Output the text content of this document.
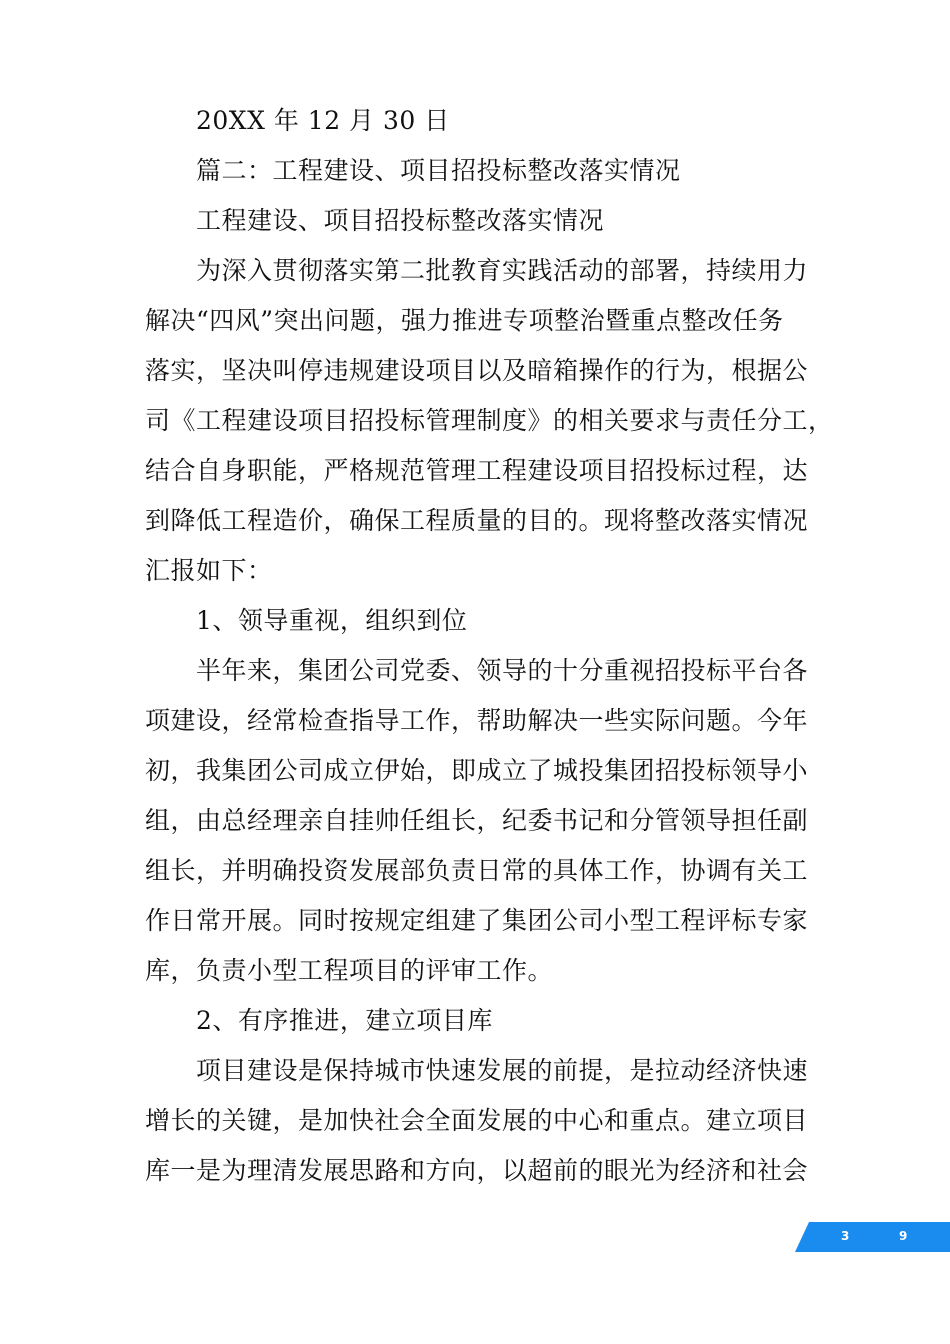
20XX 年 12 月 30 日
篇二：工程建设、项目招投标整改落实情况
工程建设、项目招投标整改落实情况
为深入贯彻落实第二批教育实践活动的部署，持续用力
解决“四风”突出问题，强力推进专项整治暨重点整改任务
落实，坚决叫停违规建设项目以及暗箱操作的行为，根据公
司《工程建设项目招投标管理制度》的相关要求与责任分工，
结合自身职能，严格规范管理工程建设项目招投标过程，达
到降低工程造价，确保工程质量的目的。现将整改落实情况
汇报如下：
1、领导重视，组织到位
半年来，集团公司党委、领导的十分重视招投标平台各
项建设，经常检查指导工作，帮助解决一些实际问题。今年
初，我集团公司成立伊始，即成立了城投集团招投标领导小
组，由总经理亲自挂帅任组长，纪委书记和分管领导担任副
组长，并明确投资发展部负责日常的具体工作，协调有关工
作日常开展。同时按规定组建了集团公司小型工程评标专家
库，负责小型工程项目的评审工作。
2、有序推进，建立项目库
项目建设是保持城市快速发展的前提，是拉动经济快速
增长的关键，是加快社会全面发展的中心和重点。建立项目
库一是为理清发展思路和方向，以超前的眼光为经济和社会
3	9
